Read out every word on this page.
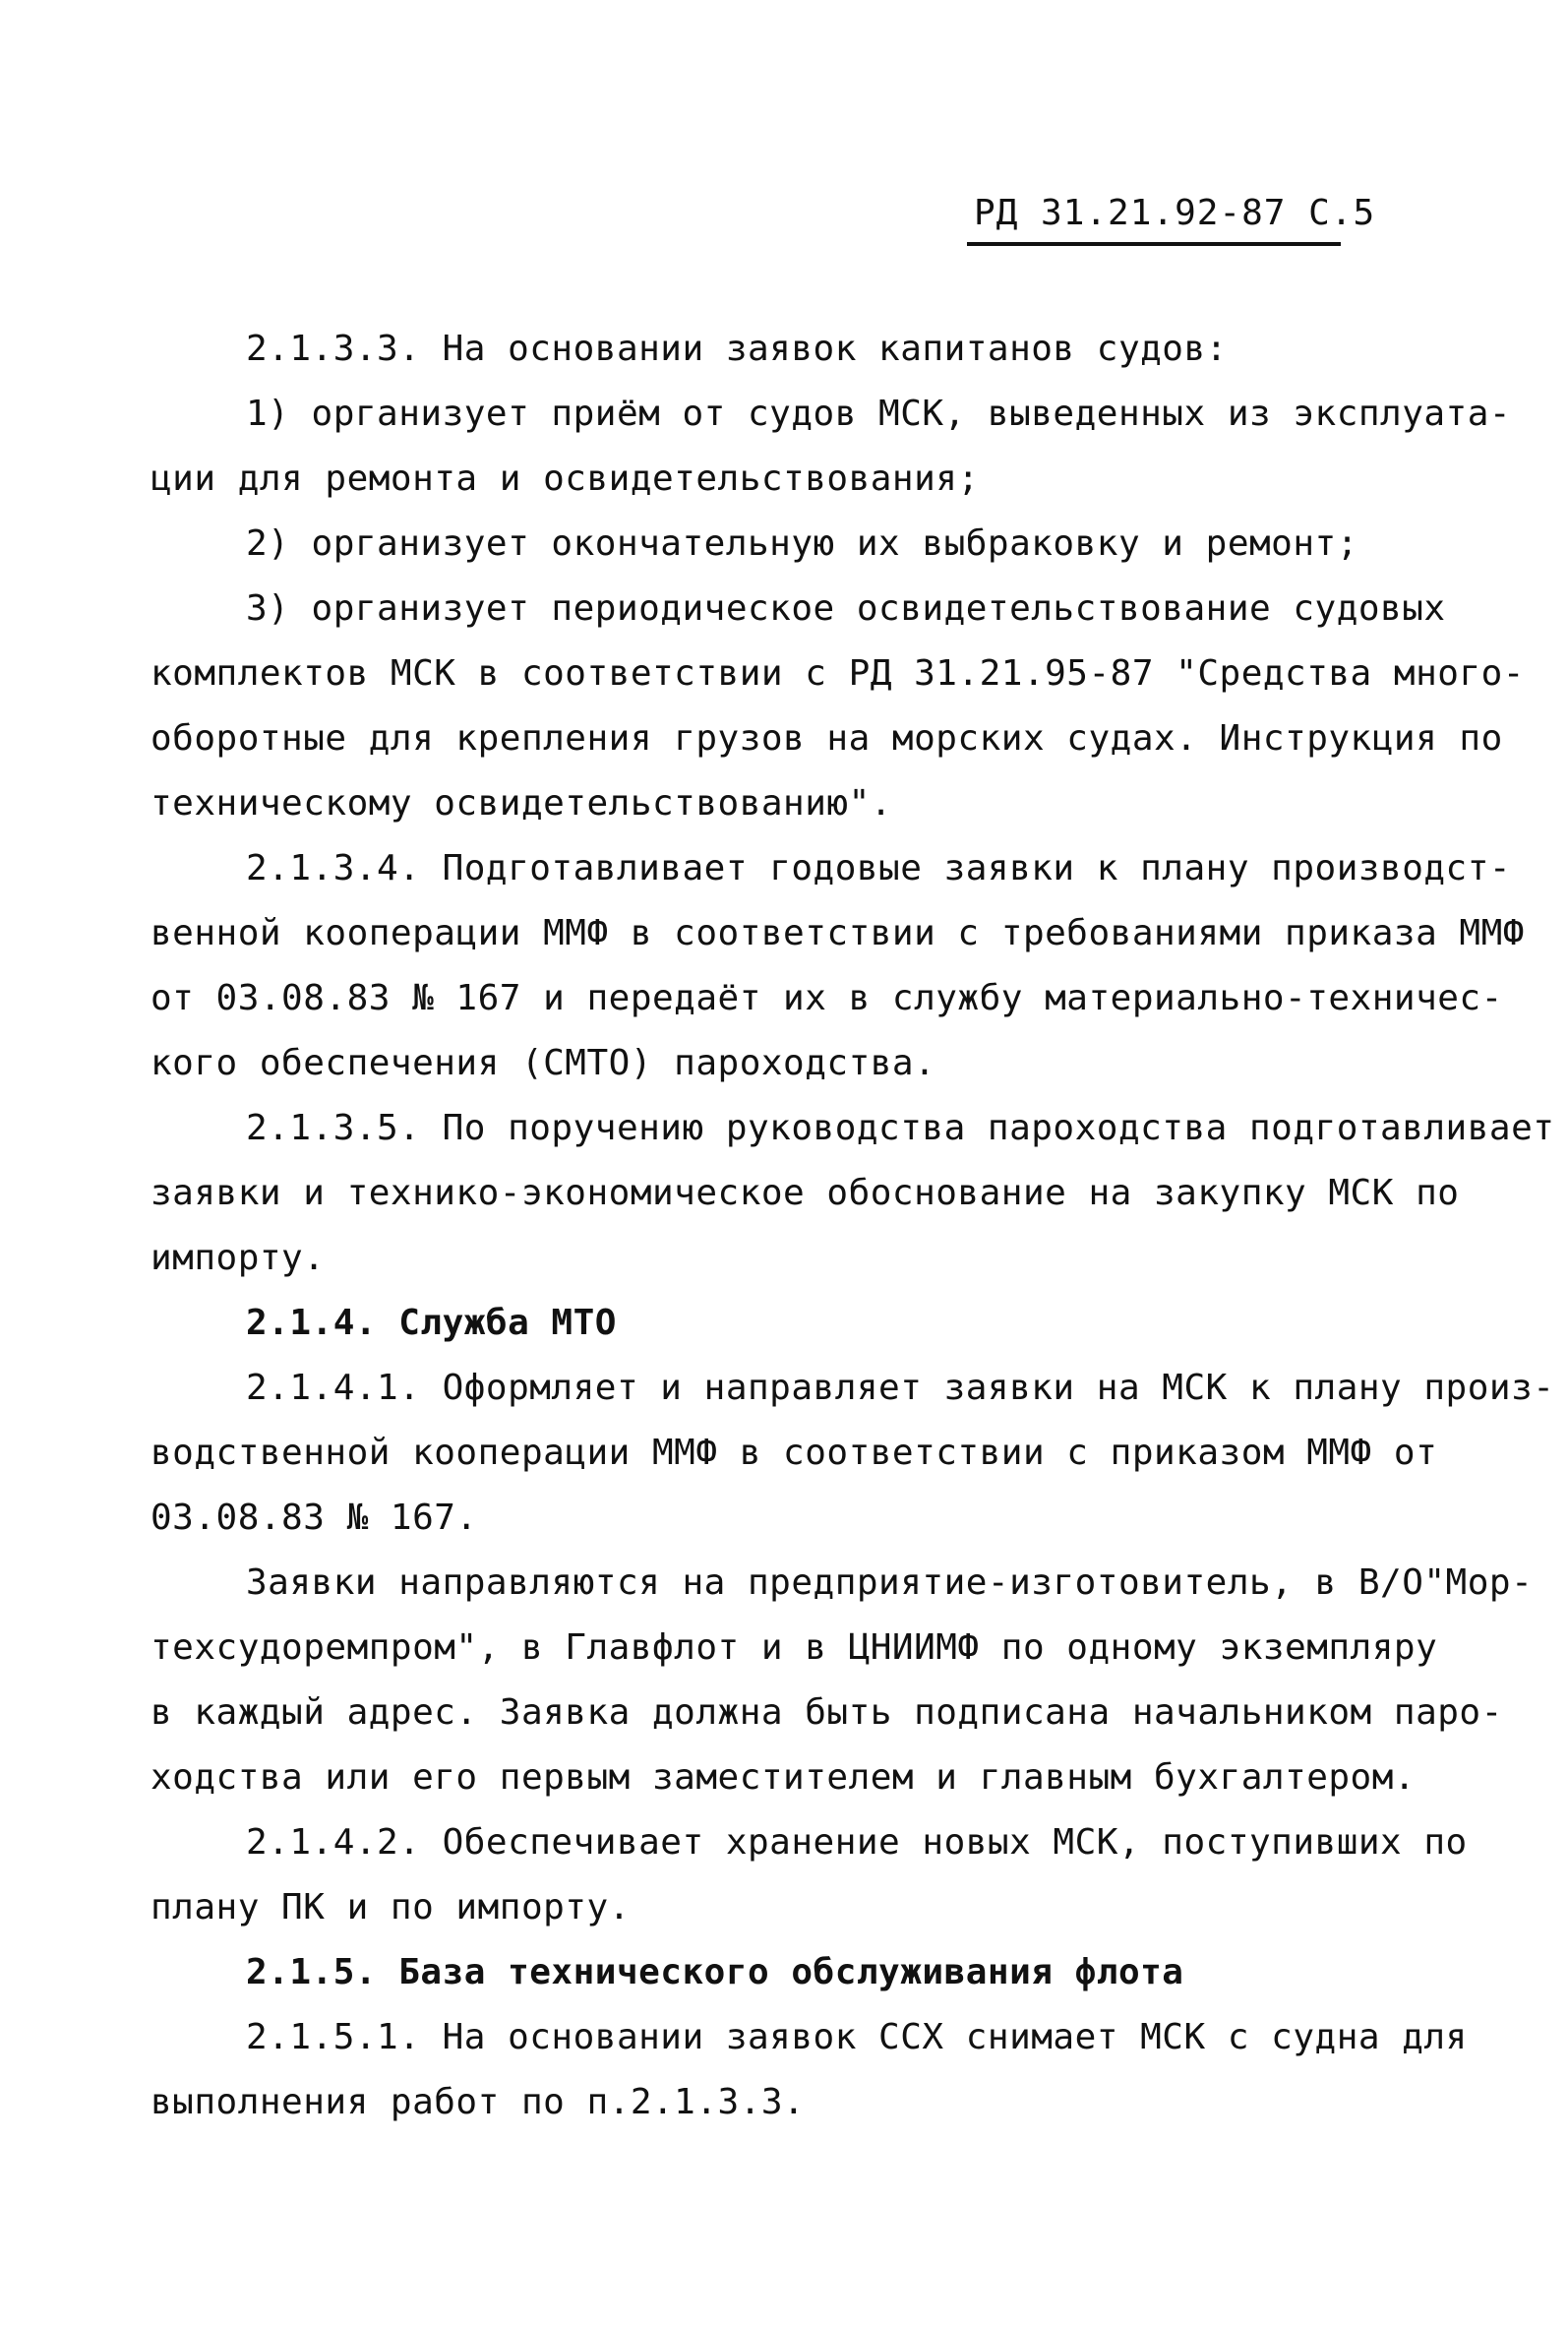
РД 31.21.92-87 С.5
2.1.3.3. На основании заявок капитанов судов:
1) организует приём от судов МСК, выведенных из эксплуата-
ции для ремонта и освидетельствования;
2) организует окончательную их выбраковку и ремонт;
3) организует периодическое освидетельствование судовых
комплектов МСК в соответствии с РД 31.21.95-87 "Средства много-
оборотные для крепления грузов на морских судах. Инструкция по
техническому освидетельствованию".
2.1.3.4. Подготавливает годовые заявки к плану производст-
венной кооперации ММФ в соответствии с требованиями приказа ММФ
от 03.08.83 № 167 и передаёт их в службу материально-техничес-
кого обеспечения (СМТО) пароходства.
2.1.3.5. По поручению руководства пароходства подготавливает
заявки и технико-экономическое обоснование на закупку МСК по
импорту.
2.1.4. Служба МТО
2.1.4.1. Оформляет и направляет заявки на МСК к плану произ-
водственной кооперации ММФ в соответствии с приказом ММФ от
03.08.83 № 167.
Заявки направляются на предприятие-изготовитель, в В/О"Мор-
техсудоремпром", в Главфлот и в ЦНИИМФ по одному экземпляру
в каждый адрес. Заявка должна быть подписана начальником паро-
ходства или его первым заместителем и главным бухгалтером.
2.1.4.2. Обеспечивает хранение новых МСК, поступивших по
плану ПК и по импорту.
2.1.5. База технического обслуживания флота
2.1.5.1. На основании заявок ССХ снимает МСК с судна для
выполнения работ по п.2.1.3.3.
